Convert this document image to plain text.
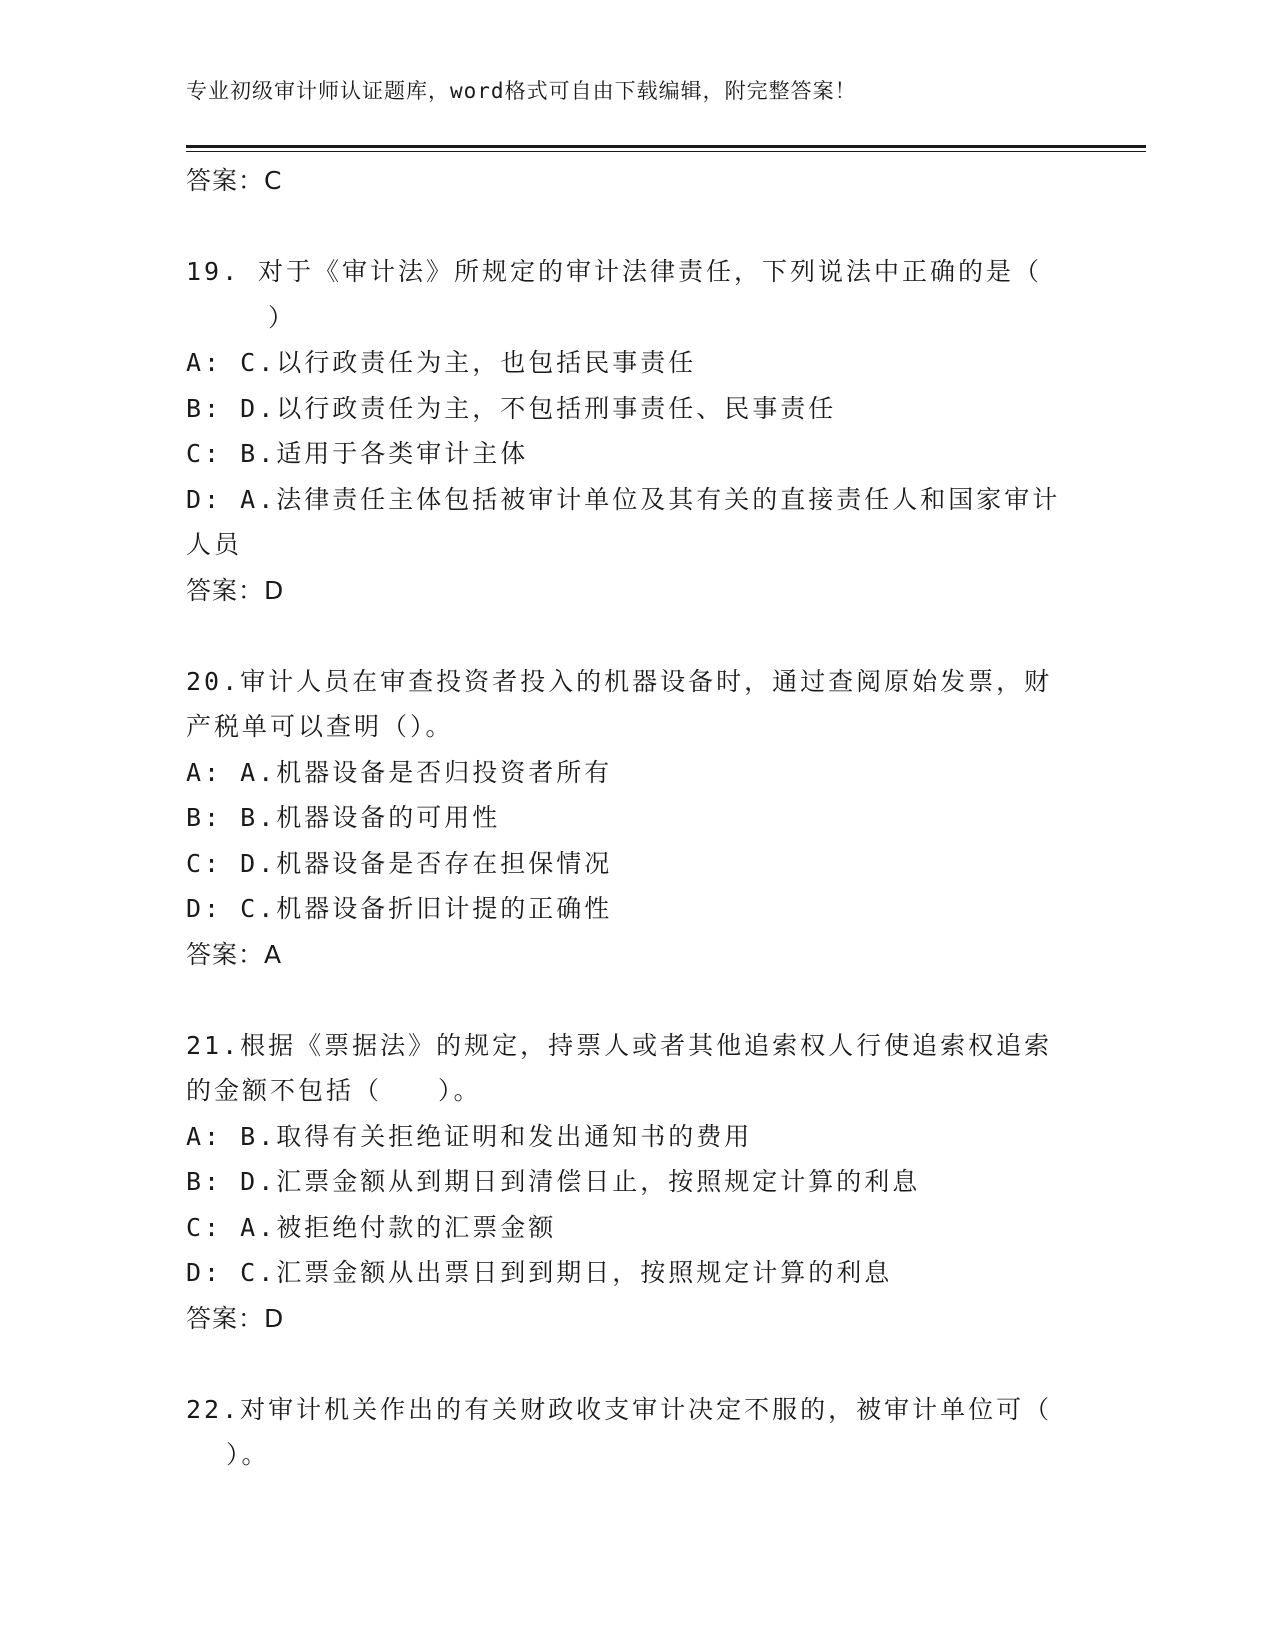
专业初级审计师认证题库，word格式可自由下载编辑，附完整答案！
答案：C
19. 对于《审计法》所规定的审计法律责任，下列说法中正确的是（
）
A: C.以行政责任为主，也包括民事责任
B: D.以行政责任为主，不包括刑事责任、民事责任
C: B.适用于各类审计主体
D: A.法律责任主体包括被审计单位及其有关的直接责任人和国家审计
人员
答案：D
20.审计人员在审查投资者投入的机器设备时，通过查阅原始发票，财
产税单可以查明（）。
A: A.机器设备是否归投资者所有
B: B.机器设备的可用性
C: D.机器设备是否存在担保情况
D: C.机器设备折旧计提的正确性
答案：A
21.根据《票据法》的规定，持票人或者其他追索权人行使追索权追索
的金额不包括（　　）。
A: B.取得有关拒绝证明和发出通知书的费用
B: D.汇票金额从到期日到清偿日止，按照规定计算的利息
C: A.被拒绝付款的汇票金额
D: C.汇票金额从出票日到到期日，按照规定计算的利息
答案：D
22.对审计机关作出的有关财政收支审计决定不服的，被审计单位可（
）。
